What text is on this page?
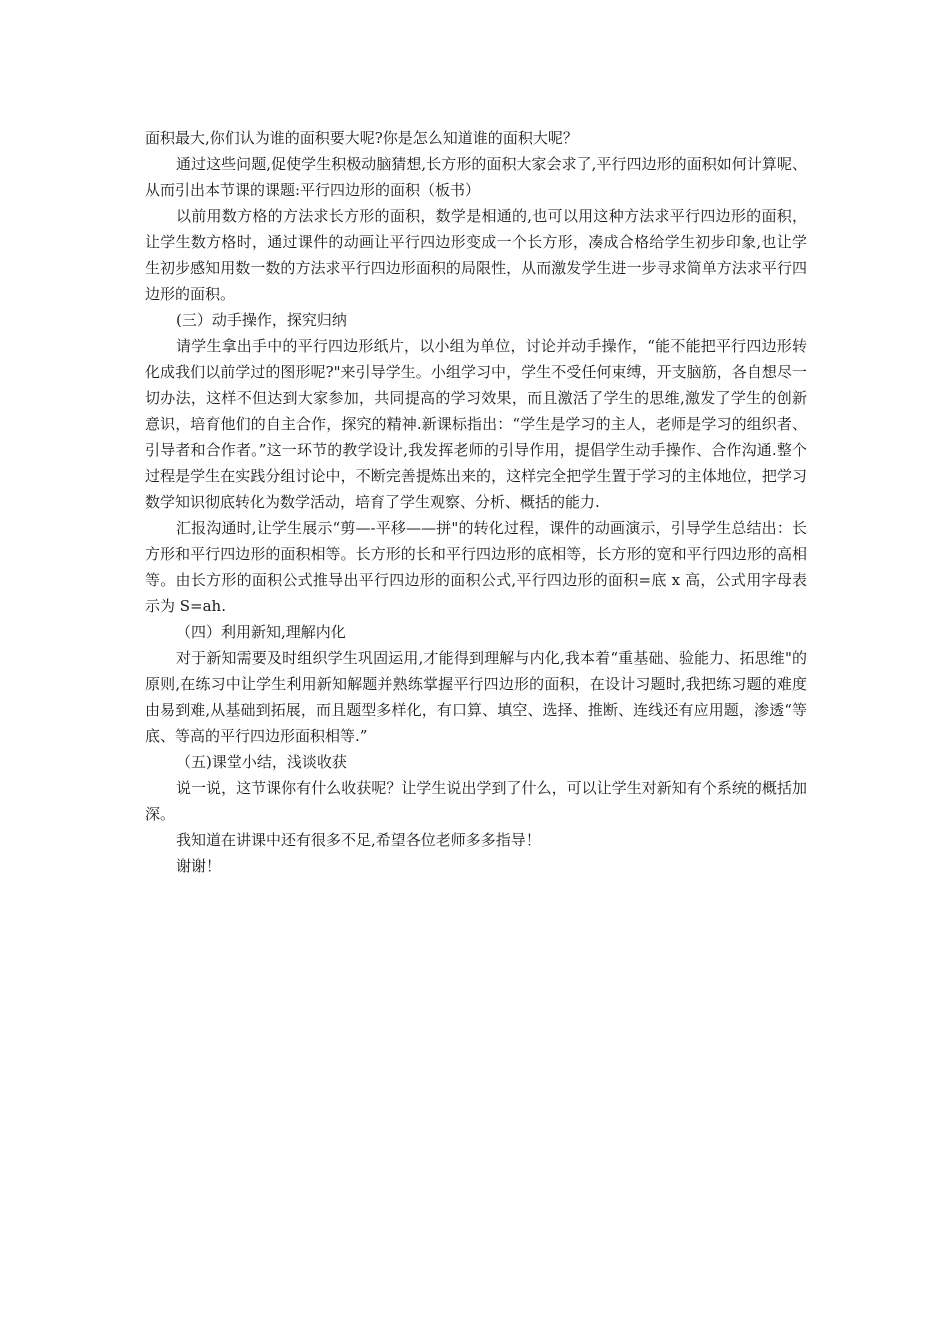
面积最大,你们认为谁的面积要大呢?你是怎么知道谁的面积大呢？

通过这些问题,促使学生积极动脑猜想,长方形的面积大家会求了,平行四边形的面积如何计算呢、从而引出本节课的课题:平行四边形的面积（板书）

以前用数方格的方法求长方形的面积，数学是相通的,也可以用这种方法求平行四边形的面积，让学生数方格时，通过课件的动画让平行四边形变成一个长方形，凑成合格给学生初步印象,也让学生初步感知用数一数的方法求平行四边形面积的局限性，从而激发学生进一步寻求简单方法求平行四边形的面积。

(三）动手操作，探究归纳

请学生拿出手中的平行四边形纸片，以小组为单位，讨论并动手操作，“能不能把平行四边形转化成我们以前学过的图形呢?"来引导学生。小组学习中，学生不受任何束缚，开支脑筋，各自想尽一切办法，这样不但达到大家参加，共同提高的学习效果，而且激活了学生的思维,激发了学生的创新意识，培育他们的自主合作，探究的精神.新课标指出：“学生是学习的主人，老师是学习的组织者、引导者和合作者。”这一环节的教学设计,我发挥老师的引导作用，提倡学生动手操作、合作沟通.整个过程是学生在实践分组讨论中，不断完善提炼出来的，这样完全把学生置于学习的主体地位，把学习数学知识彻底转化为数学活动，培育了学生观察、分析、概括的能力.

汇报沟通时,让学生展示“剪—-平移——拼"的转化过程，课件的动画演示，引导学生总结出：长方形和平行四边形的面积相等。长方形的长和平行四边形的底相等，长方形的宽和平行四边形的高相等。由长方形的面积公式推导出平行四边形的面积公式,平行四边形的面积=底 x 高，公式用字母表示为 S=ah.

（四）利用新知,理解内化

对于新知需要及时组织学生巩固运用,才能得到理解与内化,我本着“重基础、验能力、拓思维"的原则,在练习中让学生利用新知解题并熟练掌握平行四边形的面积，在设计习题时,我把练习题的难度由易到难,从基础到拓展，而且题型多样化，有口算、填空、选择、推断、连线还有应用题，渗透“等底、等高的平行四边形面积相等.”

（五)课堂小结，浅谈收获

说一说，这节课你有什么收获呢？让学生说出学到了什么，可以让学生对新知有个系统的概括加深。

我知道在讲课中还有很多不足,希望各位老师多多指导！

谢谢！
